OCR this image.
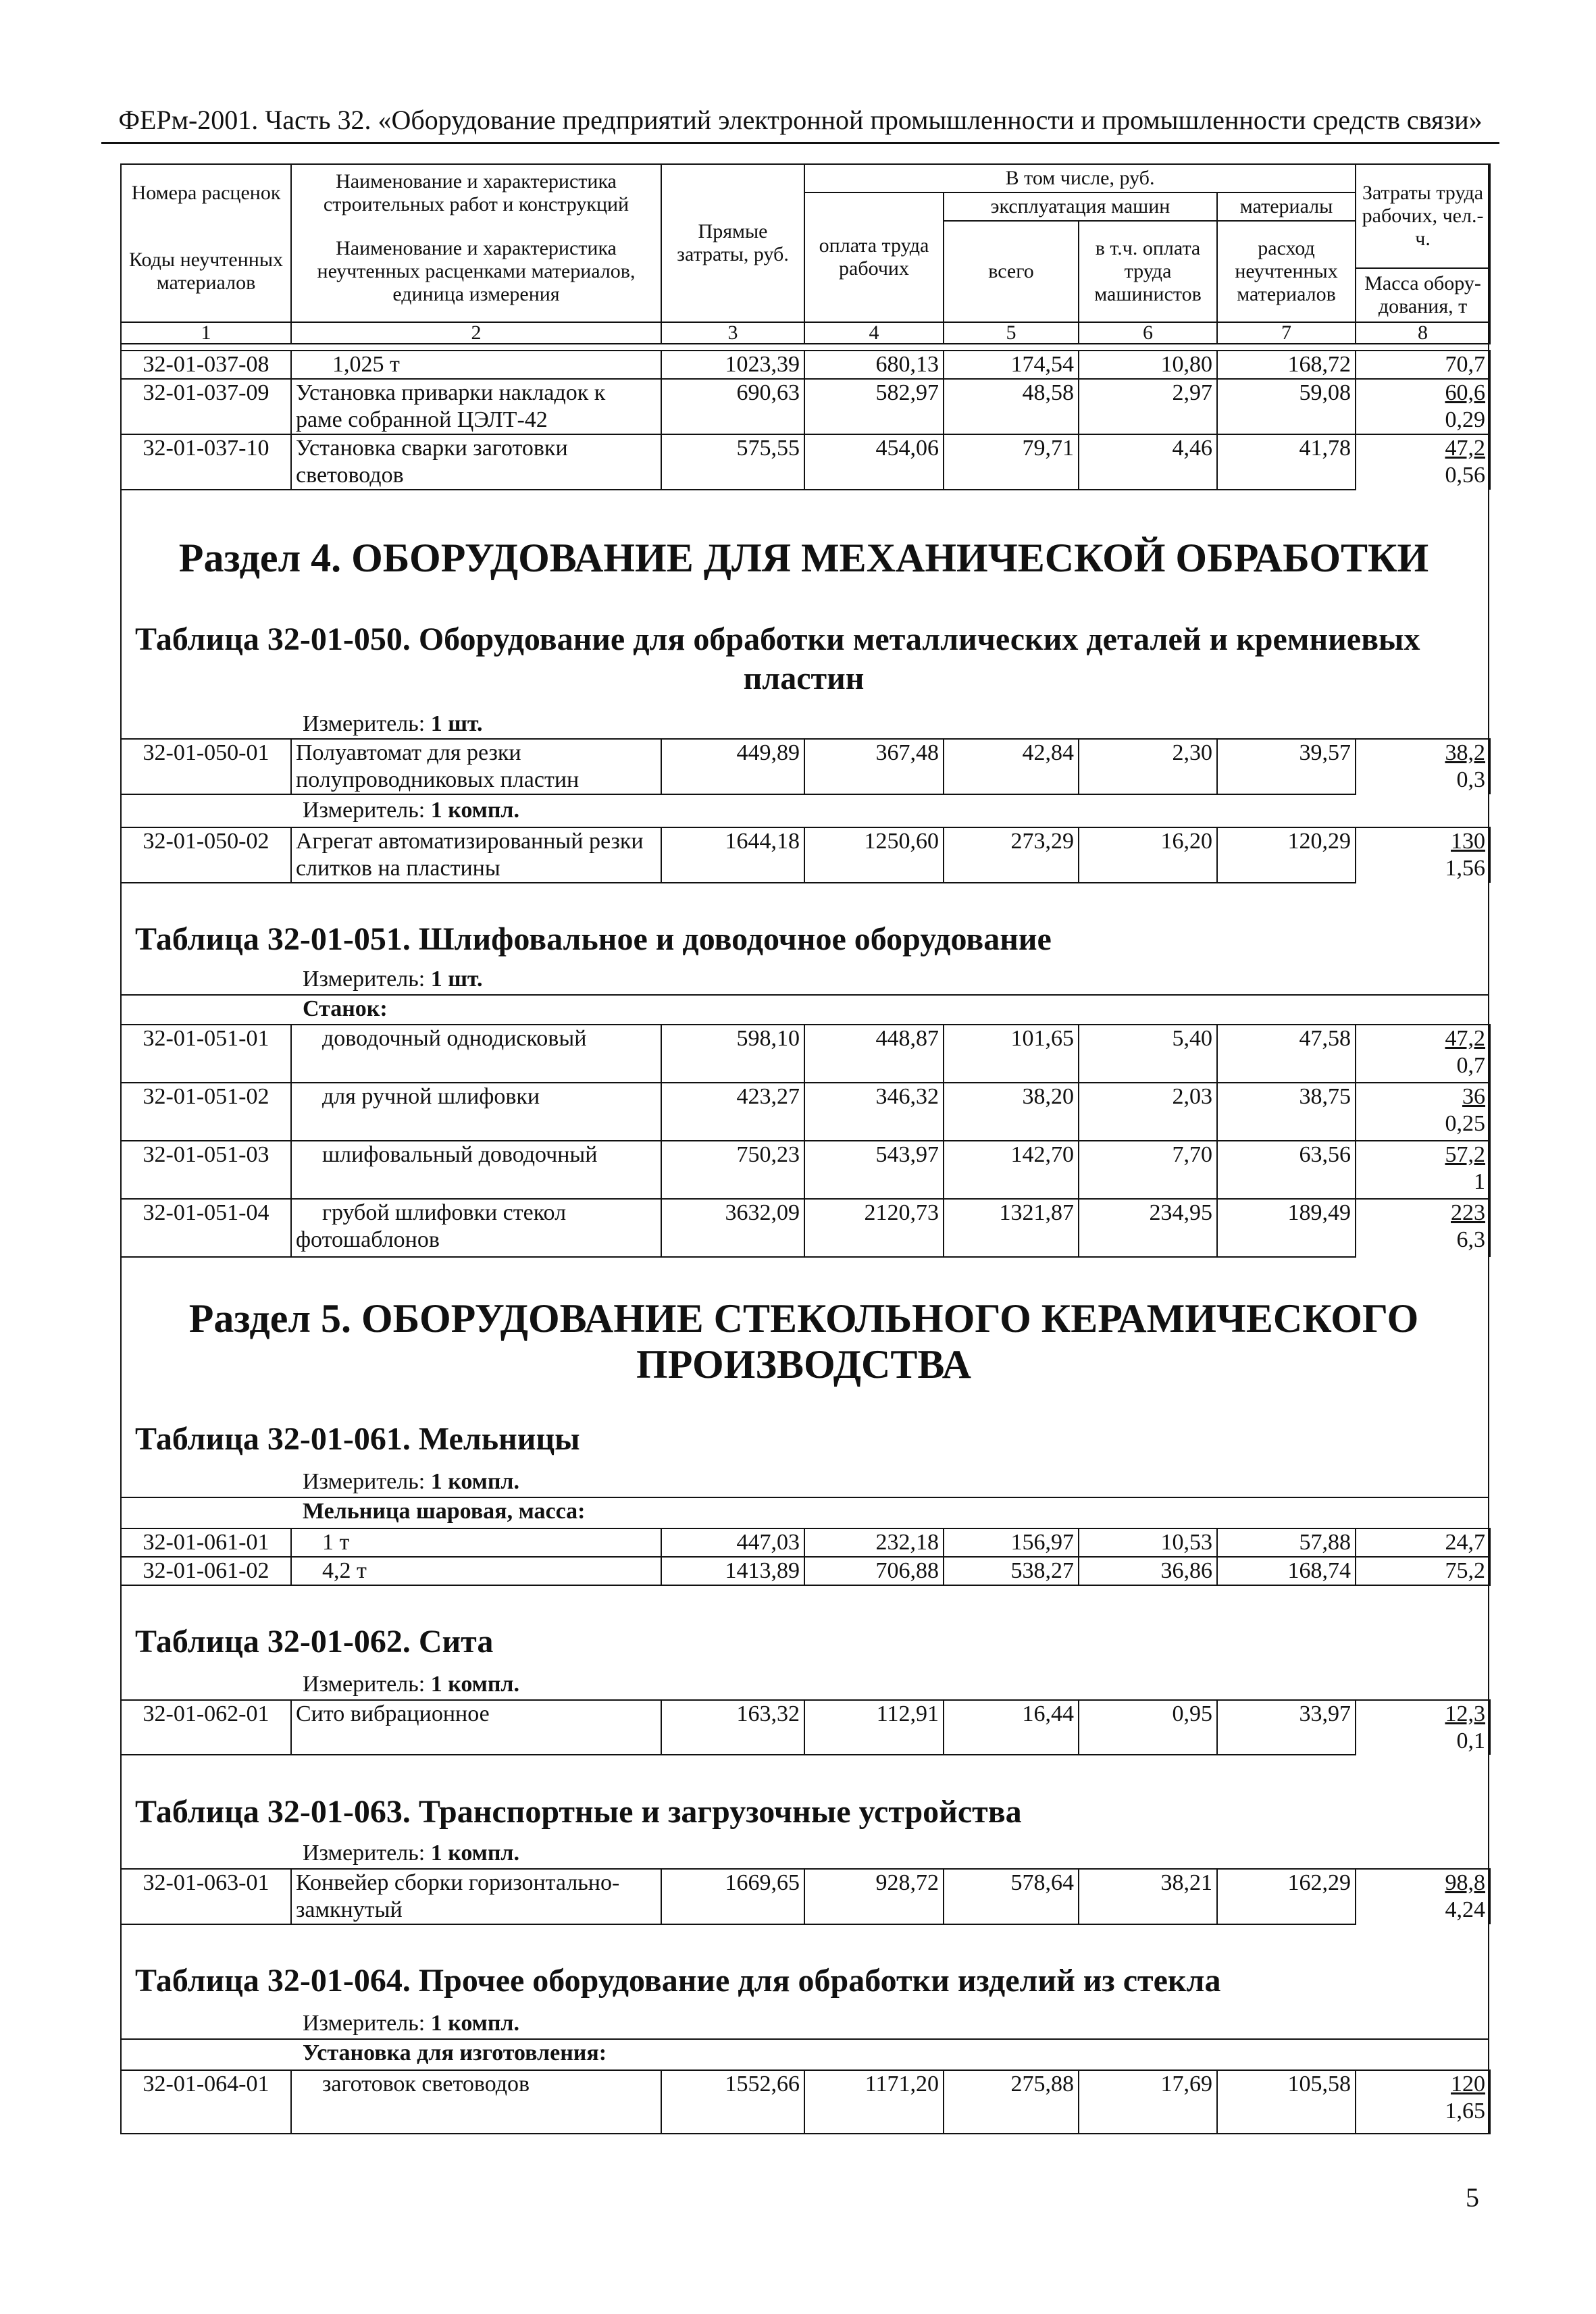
ФЕРм-2001. Часть 32. «Оборудование предприятий электронной промышленности и промышленности средств связи»
Номера расценок	Наименование и характеристика строительных работ и конструкций	Прямые затраты, руб.	В том числе, руб.				Затраты труда рабочих, чел.-ч.
			оплата труда рабочих	эксплуатация машин		материалы	
Коды неучтенных материалов	Наименование и характеристика неучтенных расценками материалов, единица измерения			всего	в т.ч. оплата труда машинистов	расход неучтенных материалов	
							Масса обору-дования, т

1	2	3	4	5	6	7	8
32-01-037-08	1,025 т	1023,39	680,13	174,54	10,80	168,72	70,7
32-01-037-09	Установка приварки накладок к раме собранной ЦЭЛТ-42	690,63	582,97	48,58	2,97	59,08	60,6
0,29

32-01-037-10	Установка сварки заготовки световодов	575,55	454,06	79,71	4,46	41,78	47,2
0,56
Раздел 4. ОБОРУДОВАНИЕ ДЛЯ МЕХАНИЧЕСКОЙ ОБРАБОТКИ
Таблица 32-01-050. Оборудование для обработки металлических деталей и кремниевых
пластин
Измеритель: 1 шт.
32-01-050-01	Полуавтомат для резки полупроводниковых пластин	449,89	367,48	42,84	2,30	39,57	38,2
0,3
Измеритель: 1 компл.
32-01-050-02	Агрегат автоматизированный резки слитков на пластины	1644,18	1250,60	273,29	16,20	120,29	130
1,56
Таблица 32-01-051. Шлифовальное и доводочное оборудование
Измеритель: 1 шт.
Станок:
32-01-051-01	доводочный однодисковый	598,10	448,87	101,65	5,40	47,58	47,2
0,7

32-01-051-02	для ручной шлифовки	423,27	346,32	38,20	2,03	38,75	36
0,25

32-01-051-03	шлифовальный доводочный	750,23	543,97	142,70	7,70	63,56	57,2
1

32-01-051-04	грубой шлифовки стекол
фотошаблонов	3632,09	2120,73	1321,87	234,95	189,49	223
6,3
Раздел 5. ОБОРУДОВАНИЕ СТЕКОЛЬНОГО КЕРАМИЧЕСКОГО
ПРОИЗВОДСТВА
Таблица 32-01-061. Мельницы
Измеритель: 1 компл.
Мельница шаровая, масса:
32-01-061-01	1 т	447,03	232,18	156,97	10,53	57,88	24,7
32-01-061-02	4,2 т	1413,89	706,88	538,27	36,86	168,74	75,2
Таблица 32-01-062. Сита
Измеритель: 1 компл.
32-01-062-01	Сито вибрационное	163,32	112,91	16,44	0,95	33,97	12,3
0,1
Таблица 32-01-063. Транспортные и загрузочные устройства
Измеритель: 1 компл.
32-01-063-01	Конвейер сборки горизонтально-замкнутый	1669,65	928,72	578,64	38,21	162,29	98,8
4,24
Таблица 32-01-064. Прочее оборудование для обработки изделий из стекла
Измеритель: 1 компл.
Установка для изготовления:
32-01-064-01	заготовок световодов	1552,66	1171,20	275,88	17,69	105,58	120
1,65
5
